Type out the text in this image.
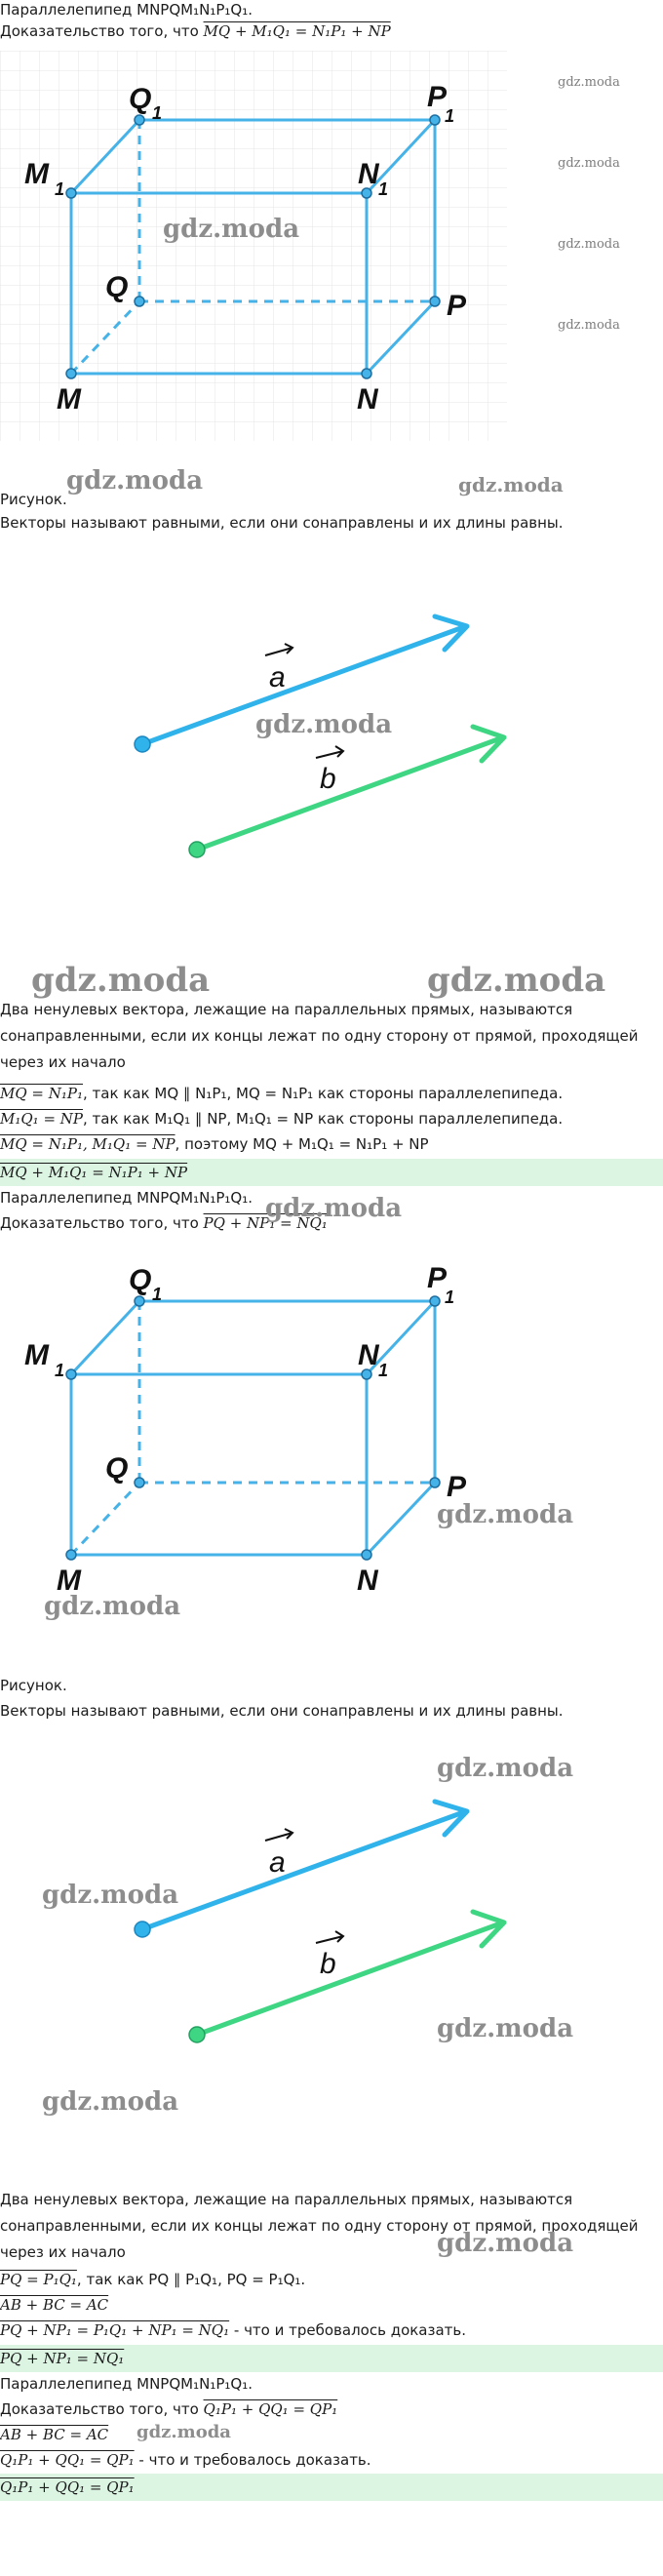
Параллелепипед MNPQM₁N₁P₁Q₁.
Доказательство того, что MQ + M₁Q₁ = N₁P₁ + NP
gdz.moda
gdz.moda
gdz.moda
gdz.moda
Q 1	P
1
M 1	N 1
Q
P
M	N
gdz.moda
Рисунок.
gdz.moda	gdz.moda
Векторы называют равными, если они сонаправлены и их длины равны.
a
b
gdz.moda
gdz.moda	gdz.moda
Два ненулевых вектора, лежащие на параллельных прямых, называются сонаправленными, если их концы лежат по одну сторону от прямой, проходящей через их начало
MQ = N₁P₁, так как MQ ∥ N₁P₁, MQ = N₁P₁ как стороны параллелепипеда.
M₁Q₁ = NP, так как M₁Q₁ ∥ NP, M₁Q₁ = NP как стороны параллелепипеда.
MQ = N₁P₁, M₁Q₁ = NP, поэтому MQ + M₁Q₁ = N₁P₁ + NP
MQ + M₁Q₁ = N₁P₁ + NP
Параллелепипед MNPQM₁N₁P₁Q₁.
Доказательство того, что PQ + NP₁ = NQ₁
gdz.moda
Q 1	P
1
M 1	N 1
Q
P
M	N
gdz.moda
gdz.moda
Рисунок.
Векторы называют равными, если они сонаправлены и их длины равны.
a
b
gdz.moda
gdz.moda
gdz.moda
gdz.moda
Два ненулевых вектора, лежащие на параллельных прямых, называются сонаправленными, если их концы лежат по одну сторону от прямой, проходящей через их начало	gdz.moda
PQ = P₁Q₁, так как PQ ∥ P₁Q₁, PQ = P₁Q₁.
AB + BC = AC
PQ + NP₁ = P₁Q₁ + NP₁ = NQ₁ - что и требовалось доказать.
PQ + NP₁ = NQ₁
Параллелепипед MNPQM₁N₁P₁Q₁.
Доказательство того, что Q₁P₁ + QQ₁ = QP₁
AB + BC = AC gdz.moda
Q₁P₁ + QQ₁ = QP₁ - что и требовалось доказать.
Q₁P₁ + QQ₁ = QP₁
